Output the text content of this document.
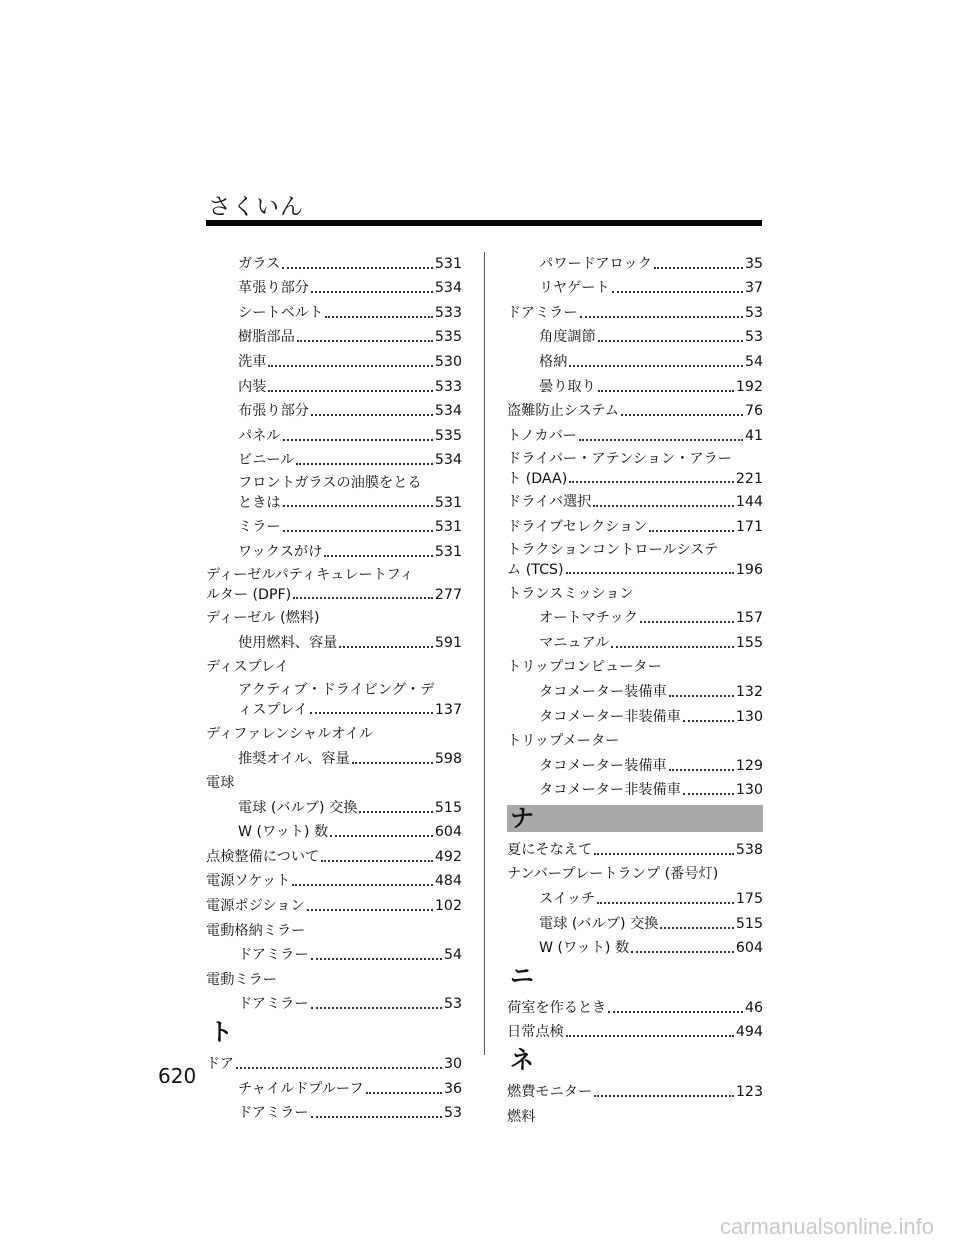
さくいん
ガラス	531
革張り部分	534
シートベルト	533
樹脂部品	535
洗車	530
内装	533
布張り部分	534
パネル	535
ビニール	534
フロントガラスの油膜をとる
ときは	531
ミラー	531
ワックスがけ	531
ディーゼルパティキュレートフィ
ルター (DPF)	277
ディーゼル (燃料)
使用燃料、容量	591
ディスプレイ
アクティブ・ドライビング・デ
ィスプレイ	137
ディファレンシャルオイル
推奨オイル、容量	598
電球
電球 (バルブ) 交換	515
W (ワット) 数	604
点検整備について	492
電源ソケット	484
電源ポジション	102
電動格納ミラー
ドアミラー	54
電動ミラー
ドアミラー	53
ト
ドア	30
チャイルドプルーフ	36
ドアミラー	53
パワードアロック	35
リヤゲート	37
ドアミラー	53
角度調節	53
格納	54
曇り取り	192
盗難防止システム	76
トノカバー	41
ドライバー・アテンション・アラー
ト (DAA)	221
ドライバ選択	144
ドライブセレクション	171
トラクションコントロールシステ
ム (TCS)	196
トランスミッション
オートマチック	157
マニュアル	155
トリップコンピューター
タコメーター装備車	132
タコメーター非装備車	130
トリップメーター
タコメーター装備車	129
タコメーター非装備車	130
ナ
夏にそなえて	538
ナンバープレートランプ (番号灯)
スイッチ	175
電球 (バルブ) 交換	515
W (ワット) 数	604
ニ
荷室を作るとき	46
日常点検	494
ネ
燃費モニター	123
燃料
620
carmanualsonline.info
